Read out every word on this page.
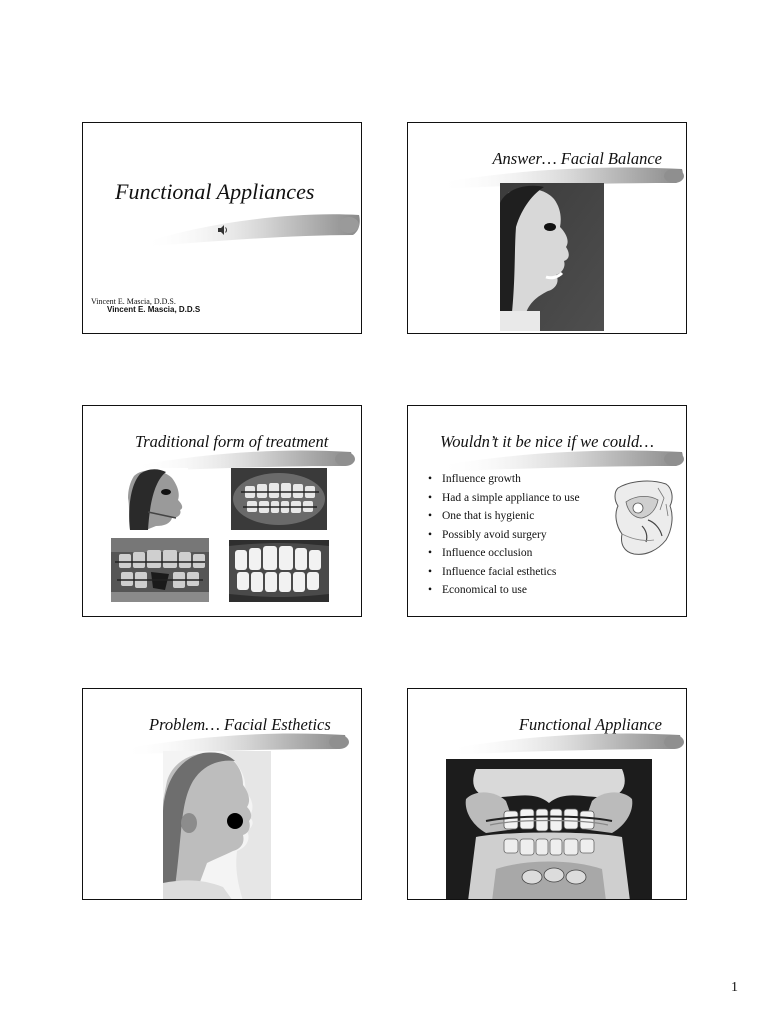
Functional Appliances
Vincent E. Mascia, D.D.S.
Vincent E. Mascia, D.D.S
Answer… Facial Balance
Traditional form of treatment	Wouldn’t it be nice if we could…
• Influence growth
• Had a simple appliance to use
• One that is hygienic
• Possibly avoid surgery
• Influence occlusion
• Influence facial esthetics
• Economical to use
Problem… Facial Esthetics	Functional Appliance
1
